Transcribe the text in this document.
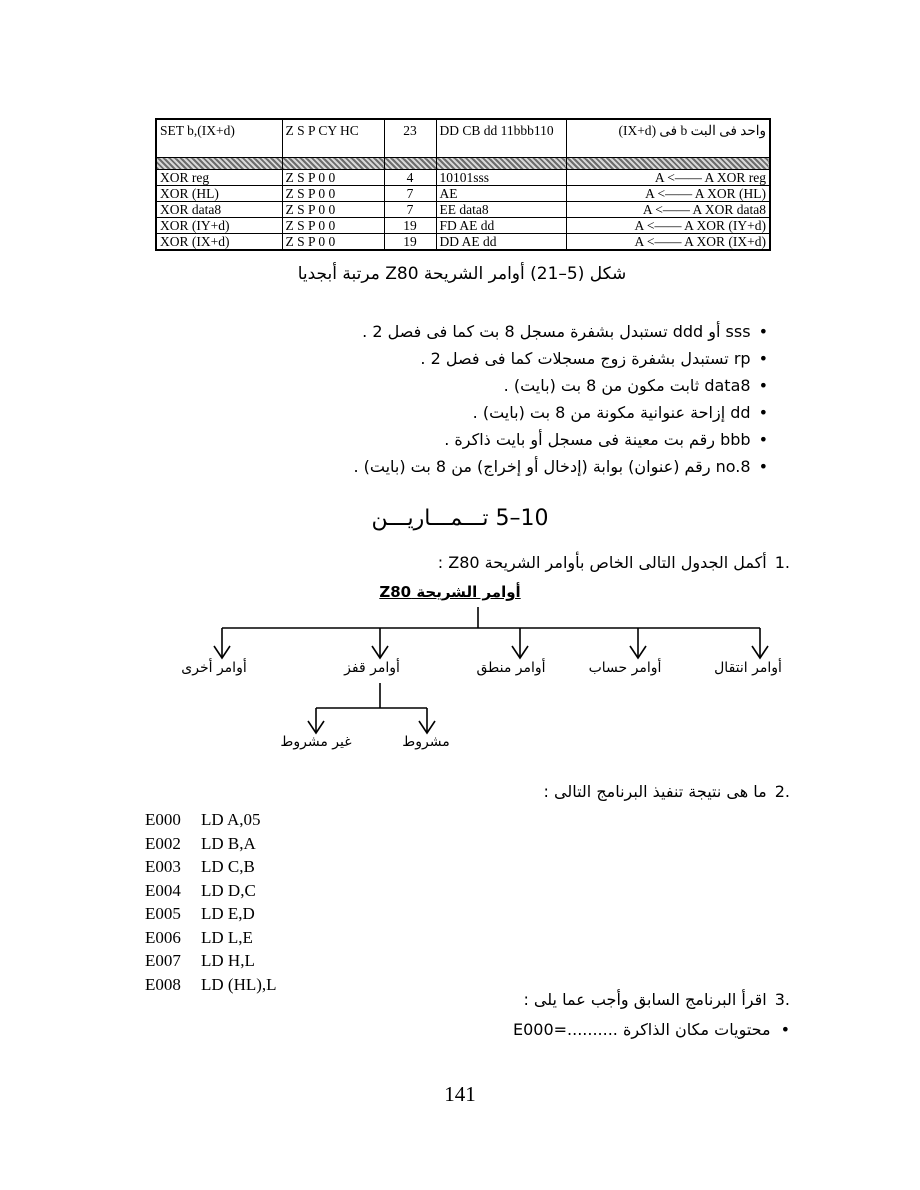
SET b,(IX+d)	Z S P CY HC	23	DD CB dd 11bbb110	واحد فى البت b فى (IX+d)

XOR reg	Z S P 0 0	4	10101sss	A <—— A XOR reg
XOR (HL)	Z S P 0 0	7	AE	A <—— A XOR (HL)
XOR data8	Z S P 0 0	7	EE data8	A <—— A XOR data8
XOR (IY+d)	Z S P 0 0	19	FD AE dd	A <—— A XOR (IY+d)
XOR (IX+d)	Z S P 0 0	19	DD AE dd	A <—— A XOR (IX+d)
شكل (5–21) أوامر الشريحة Z80 مرتبة أبجديا
• sss أو ddd تستبدل بشفرة مسجل 8 بت كما فى فصل 2 .
• rp تستبدل بشفرة زوج مسجلات كما فى فصل 2 .
• data8 ثابت مكون من 8 بت (بايت) .
• dd إزاحة عنوانية مكونة من 8 بت (بايت) .
• bbb رقم بت معينة فى مسجل أو بايت ذاكرة .
• no.8 رقم (عنوان) بوابة (إدخال أو إخراج) من 8 بت (بايت) .
10–5 تـــمـــاريـــن
.1أكمل الجدول التالى الخاص بأوامر الشريحة Z80 :
أوامر الشريحة Z80
أوامر انتقال
أوامر حساب
أوامر منطق
أوامر قفز
أوامر أخرى
مشروط
غير مشروط
.2ما هى نتيجة تنفيذ البرنامج التالى :
E000 LD A,05
E002 LD B,A
E003 LD C,B
E004 LD D,C
E005 LD E,D
E006 LD L,E
E007 LD H,L
E008 LD (HL),L
.3اقرأ البرنامج السابق وأجب عما يلى :
• محتويات مكان الذاكرة ..........=E000
141
